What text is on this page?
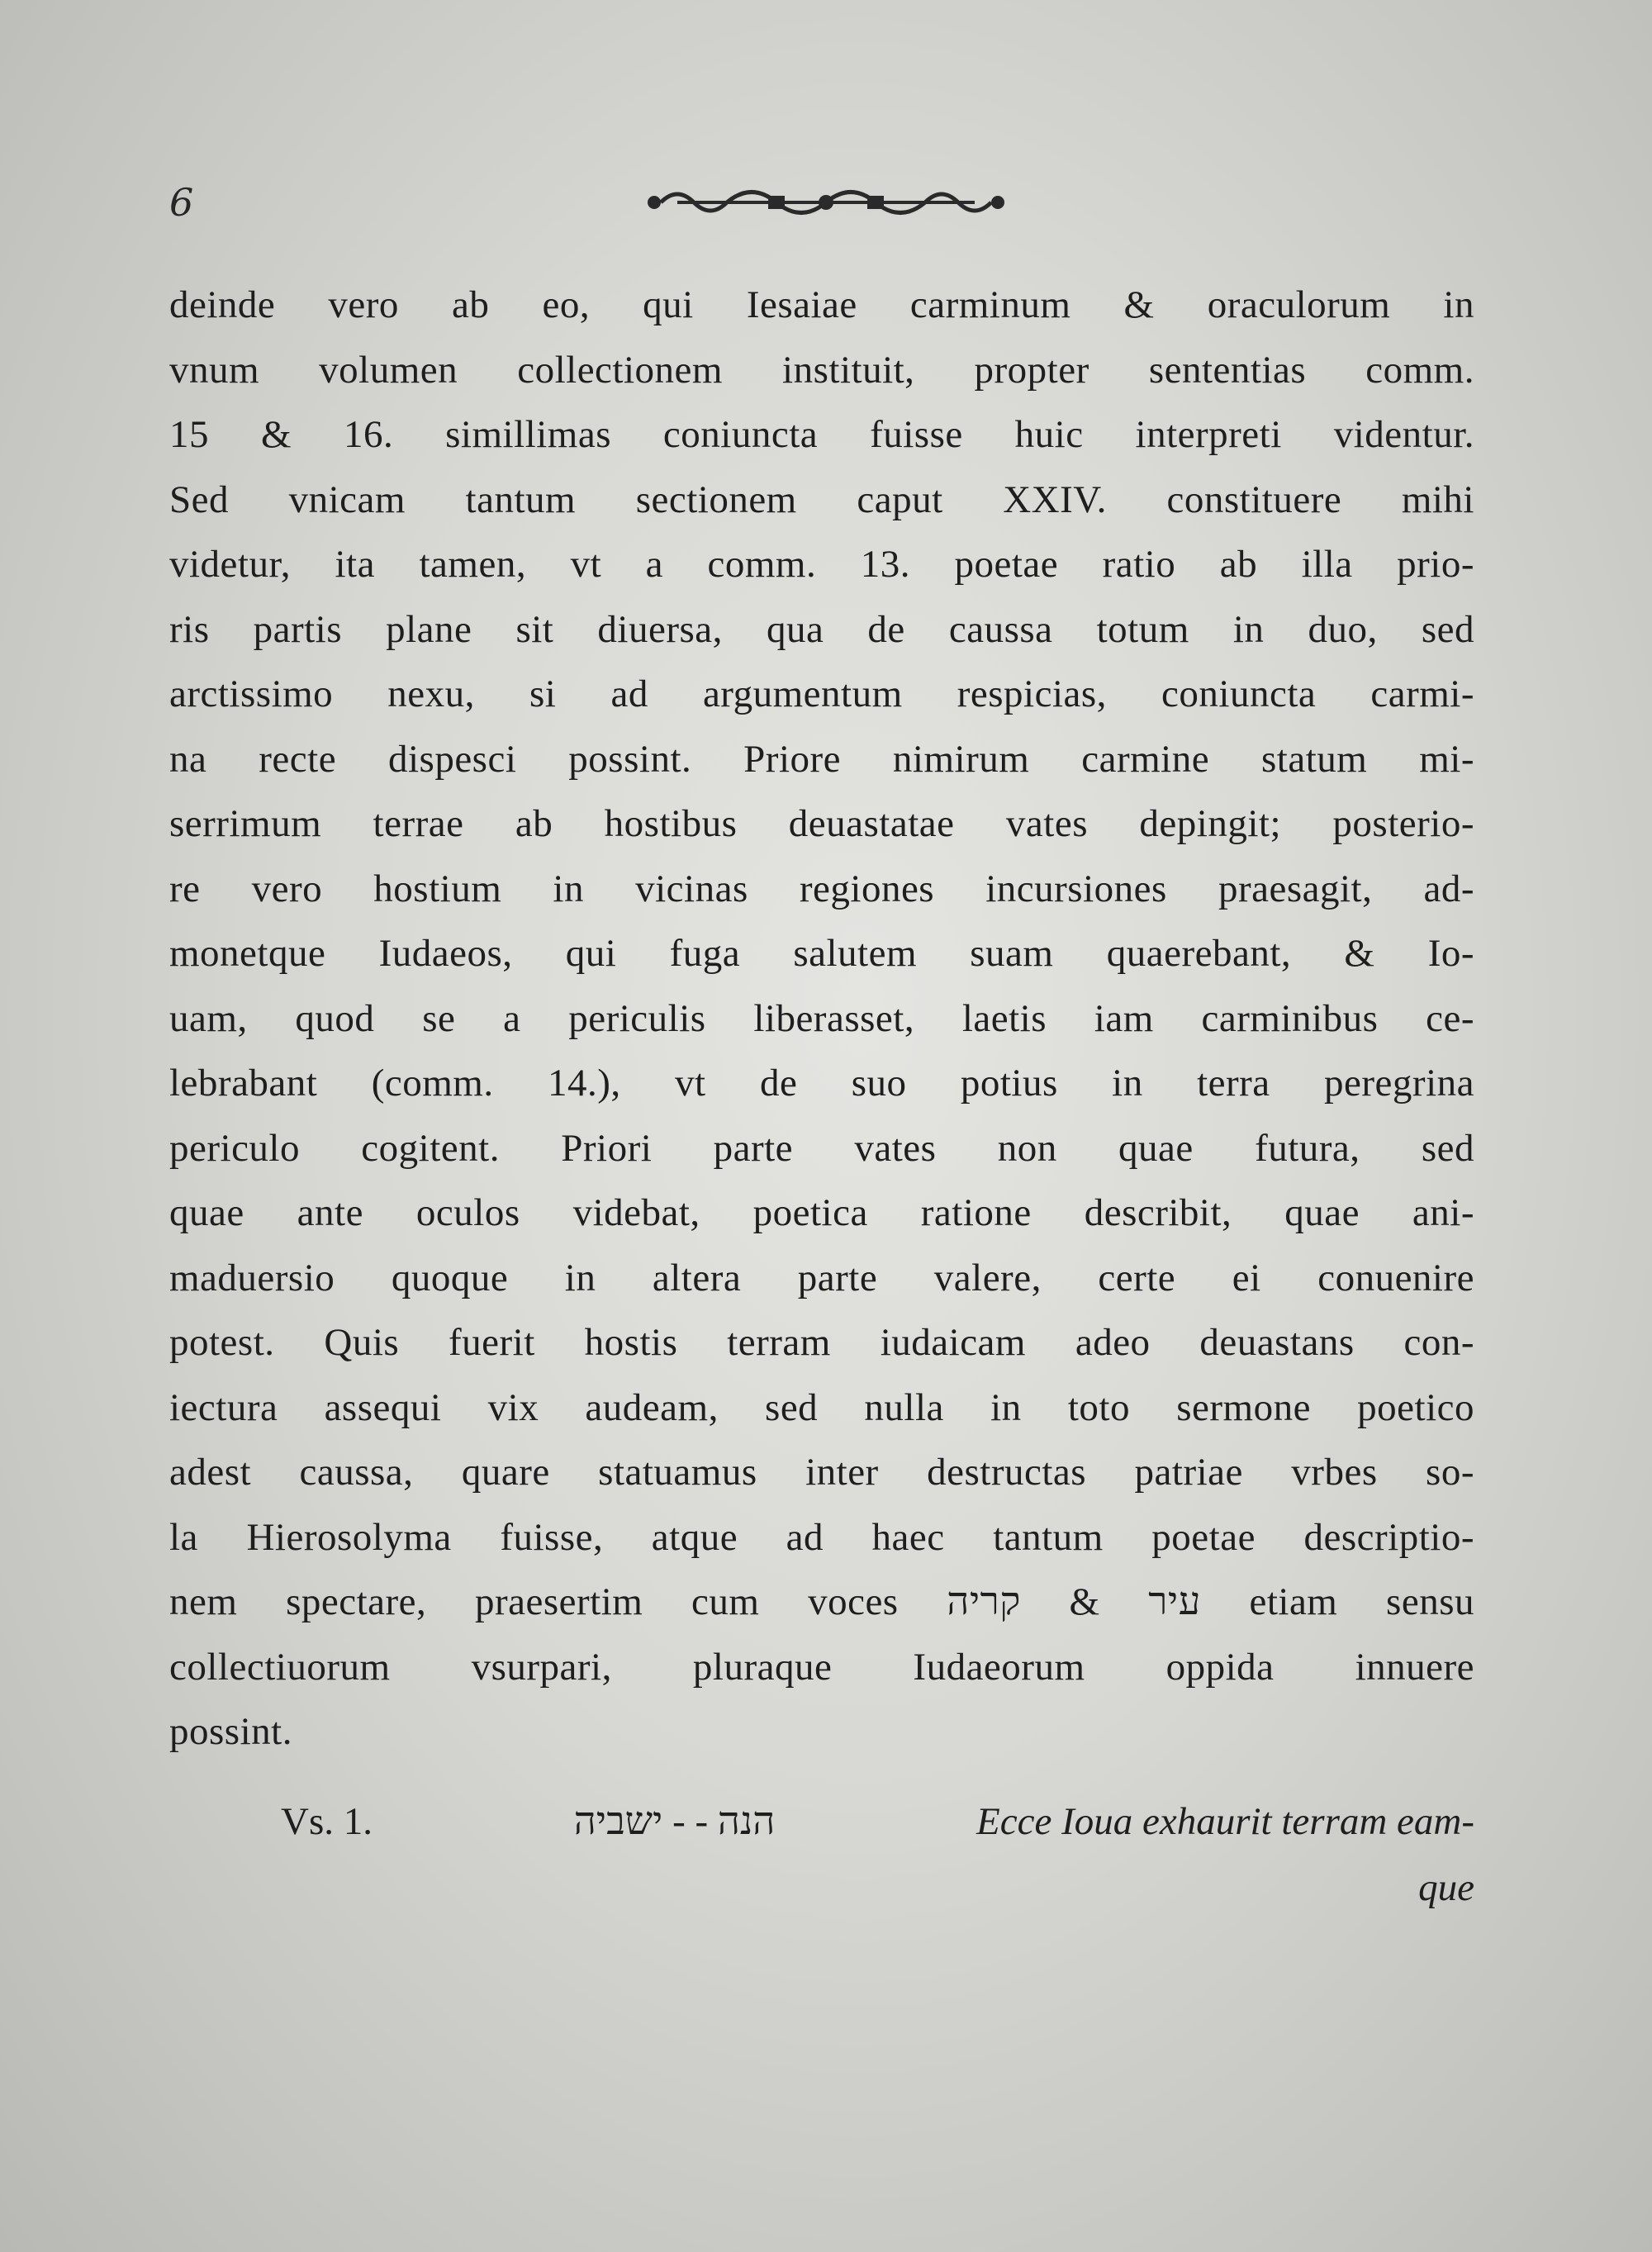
6
deinde vero ab eo, qui Iesaiae carminum & oraculorum in
vnum volumen collectionem instituit, propter sententias comm.
15 & 16. simillimas coniuncta fuisse huic interpreti videntur.
Sed vnicam tantum sectionem caput XXIV. constituere mihi
videtur, ita tamen, vt a comm. 13. poetae ratio ab illa prio-
ris partis plane sit diuersa, qua de caussa totum in duo, sed
arctissimo nexu, si ad argumentum respicias, coniuncta carmi-
na recte dispesci possint. Priore nimirum carmine statum mi-
serrimum terrae ab hostibus deuastatae vates depingit; posterio-
re vero hostium in vicinas regiones incursiones praesagit, ad-
monetque Iudaeos, qui fuga salutem suam quaerebant, & Io-
uam, quod se a periculis liberasset, laetis iam carminibus ce-
lebrabant (comm. 14.), vt de suo potius in terra peregrina
periculo cogitent. Priori parte vates non quae futura, sed
quae ante oculos videbat, poetica ratione describit, quae ani-
maduersio quoque in altera parte valere, certe ei conuenire
potest. Quis fuerit hostis terram iudaicam adeo deuastans con-
iectura assequi vix audeam, sed nulla in toto sermone poetico
adest caussa, quare statuamus inter destructas patriae vrbes so-
la Hierosolyma fuisse, atque ad haec tantum poetae descriptio-
nem spectare, praesertim cum voces עיר & קריה etiam sensu
collectiuorum vsurpari, pluraque Iudaeorum oppida innuere
possint.
Vs. 1.	הנה - - ישביה	Ecce Ioua exhaurit terram eam-
que
